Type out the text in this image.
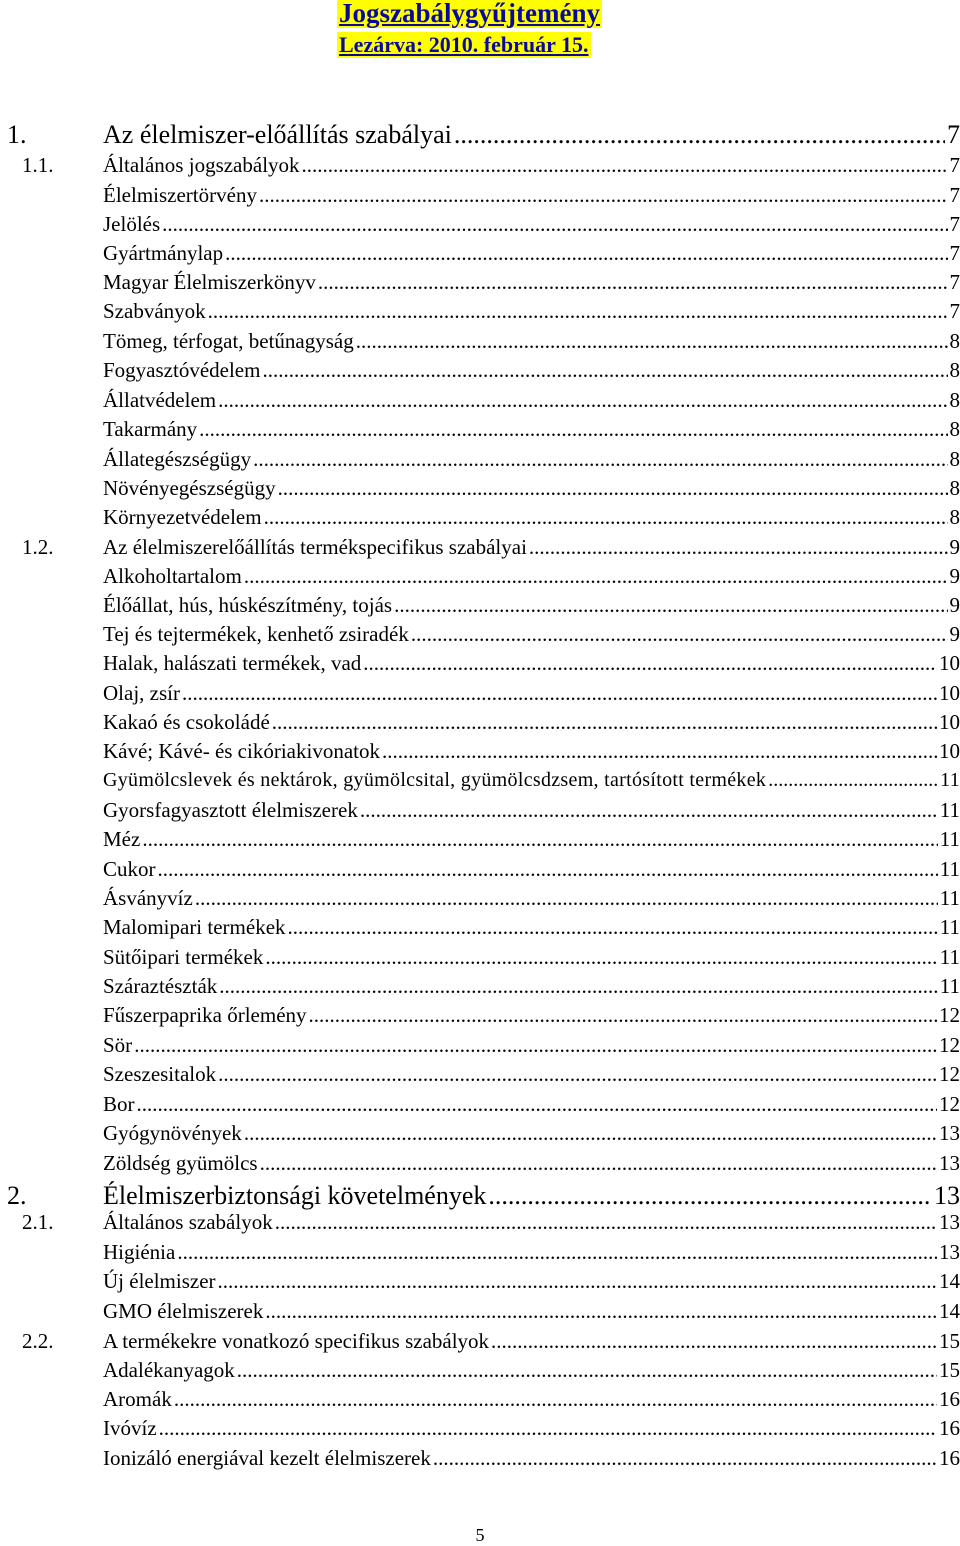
Jogszabálygyűjtemény
Lezárva: 2010. február 15.
1.	Az élelmiszer-előállítás szabályai .....	7
1.1. Általános jogszabályok .....	7
Élelmiszertörvény .....	7
Jelölés .....	7
Gyártmánylap .....	7
Magyar Élelmiszerkönyv .....	7
Szabványok .....	7
Tömeg, térfogat, betűnagyság .....	8
Fogyasztóvédelem .....	8
Állatvédelem .....	8
Takarmány .....	8
Állategészségügy .....	8
Növényegészségügy .....	8
Környezetvédelem .....	8
1.2. Az élelmiszerelőállítás termékspecifikus szabályai .....	9
Alkoholtartalom .....	9
Élőállat, hús, húskészítmény, tojás .....	9
Tej és tejtermékek, kenhető zsiradék .....	9
Halak, halászati termékek, vad .....	10
Olaj, zsír .....	10
Kakaó és csokoládé .....	10
Kávé; Kávé- és cikóriakivonatok .....	10
Gyümölcslevek és nektárok, gyümölcsital, gyümölcsdzsem, tartósított termékek .....	11
Gyorsfagyasztott élelmiszerek .....	11
Méz .....	11
Cukor .....	11
Ásványvíz .....	11
Malomipari termékek .....	11
Sütőipari termékek .....	11
Száraztészták .....	11
Fűszerpaprika őrlemény .....	12
Sör .....	12
Szeszesitalok .....	12
Bor .....	12
Gyógynövények .....	13
Zöldség gyümölcs .....	13
2.	Élelmiszerbiztonsági követelmények .....	13
2.1. Általános szabályok .....	13
Higiénia .....	13
Új élelmiszer .....	14
GMO élelmiszerek .....	14
2.2. A termékekre vonatkozó specifikus szabályok .....	15
Adalékanyagok .....	15
Aromák .....	16
Ivóvíz .....	16
Ionizáló energiával kezelt élelmiszerek .....	16
5
